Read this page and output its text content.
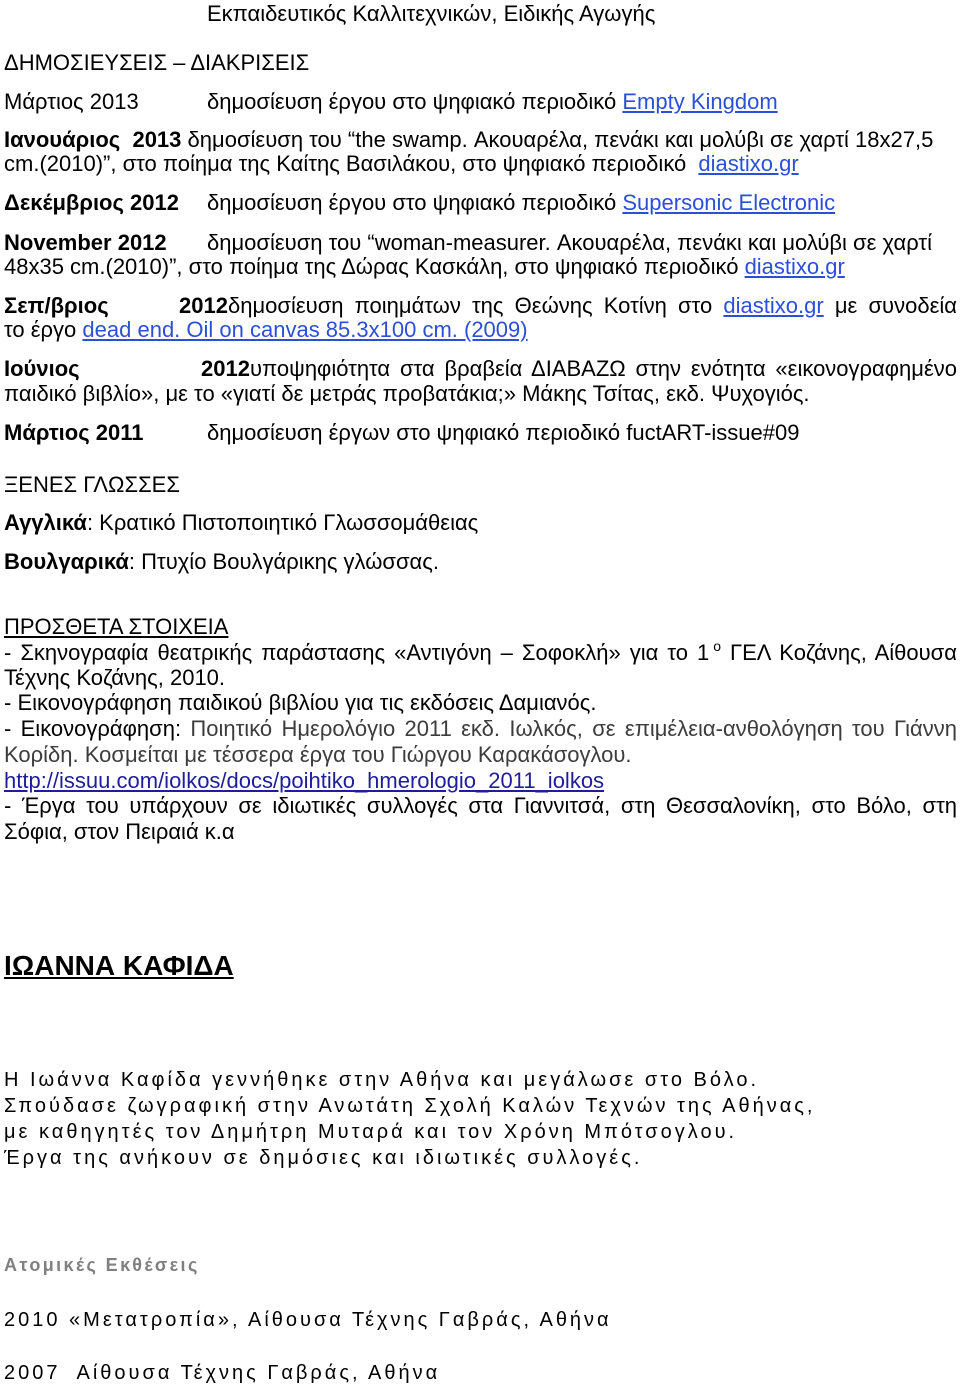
Εκπαιδευτικός Καλλιτεχνικών, Ειδικής Αγωγής
ΔΗΜΟΣΙΕΥΣΕΙΣ – ΔΙΑΚΡΙΣΕΙΣ
Μάρτιος 2013	δημοσίευση έργου στο ψηφιακό περιοδικό Empty Kingdom
Ιανουάριος  2013 δημοσίευση του “the swamp. Ακουαρέλα, πενάκι και μολύβι σε χαρτί 18x27,5
cm.(2010)”, στο ποίημα της Καίτης Βασιλάκου, στο ψηφιακό περιοδικό diastixo.gr
Δεκέμβριος 2012 δημοσίευση έργου στο ψηφιακό περιοδικό Supersonic Electronic
November 2012 δημοσίευση του “woman-measurer. Ακουαρέλα, πενάκι και μολύβι σε χαρτί
48x35 cm.(2010)”, στο ποίημα της Δώρας Κασκάλη, στο ψηφιακό περιοδικό diastixo.gr
Σεπ/βριος 2012δημοσίευση ποιημάτων της Θεώνης Κοτίνη στο diastixo.gr με συνοδεία
το έργο dead end. Oil on canvas 85.3x100 cm. (2009)
Ιούνιος 2012υποψηφιότητα στα βραβεία ΔΙΑΒΑΖΩ στην ενότητα «εικονογραφημένο
παιδικό βιβλίο», με το «γιατί δε μετράς προβατάκια;» Μάκης Τσίτας, εκδ. Ψυχογιός.
Μάρτιος 2011	δημοσίευση έργων στο ψηφιακό περιοδικό fuctART-issue#09
ΞΕΝΕΣ ΓΛΩΣΣΕΣ
Αγγλικά: Κρατικό Πιστοποιητικό Γλωσσομάθειας
Βουλγαρικά: Πτυχίο Βουλγάρικης γλώσσας.
ΠΡΟΣΘΕΤΑ ΣΤΟΙΧΕΙΑ
- Σκηνογραφία θεατρικής παράστασης «Αντιγόνη – Σοφοκλή» για το 1 $^o$ ΓΕΛ Κοζάνης, Αίθουσα
Τέχνης Κοζάνης, 2010.
- Εικονογράφηση παιδικού βιβλίου για τις εκδόσεις Δαμιανός.
- Εικονογράφηση: Ποιητικό Ημερολόγιο 2011 εκδ. Ιωλκός, σε επιμέλεια-ανθολόγηση του Γιάννη
Κορίδη. Κοσμείται με τέσσερα έργα του Γιώργου Καρακάσογλου.
http://issuu.com/iolkos/docs/poihtiko_hmerologio_2011_iolkos
- Έργα του υπάρχουν σε ιδιωτικές συλλογές στα Γιαννιτσά, στη Θεσσαλονίκη, στο Βόλο, στη
Σόφια, στον Πειραιά κ.α
ΙΩΑΝΝΑ ΚΑΦΙΔΑ
Η Ιωάννα Καφίδα γεννήθηκε στην Αθήνα και μεγάλωσε στο Βόλο.
Σπούδασε ζωγραφική στην Ανωτάτη Σχολή Καλών Τεχνών της Αθήνας,
με καθηγητές τον Δημήτρη Μυταρά και τον Χρόνη Μπότσογλου.
Έργα της ανήκουν σε δημόσιες και ιδιωτικές συλλογές.
Ατομικές Εκθέσεις
2010 «Μετατροπία», Αίθουσα Τέχνης Γαβράς, Αθήνα
2007  Αίθουσα Τέχνης Γαβράς, Αθήνα
